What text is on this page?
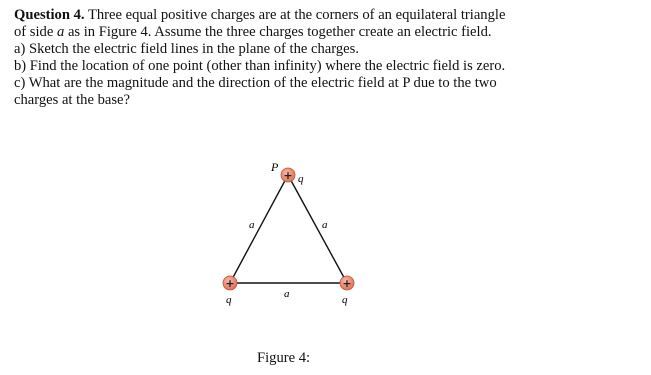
Question 4. Three equal positive charges are at the corners of an equilateral triangle
of side a as in Figure 4. Assume the three charges together create an electric field.
a) Sketch the electric field lines in the plane of the charges.
b) Find the location of one point (other than infinity) where the electric field is zero.
c) What are the magnitude and the direction of the electric field at P due to the two
charges at the base?
a	a
a
P
+ q
+
q
+
q
Figure 4:
